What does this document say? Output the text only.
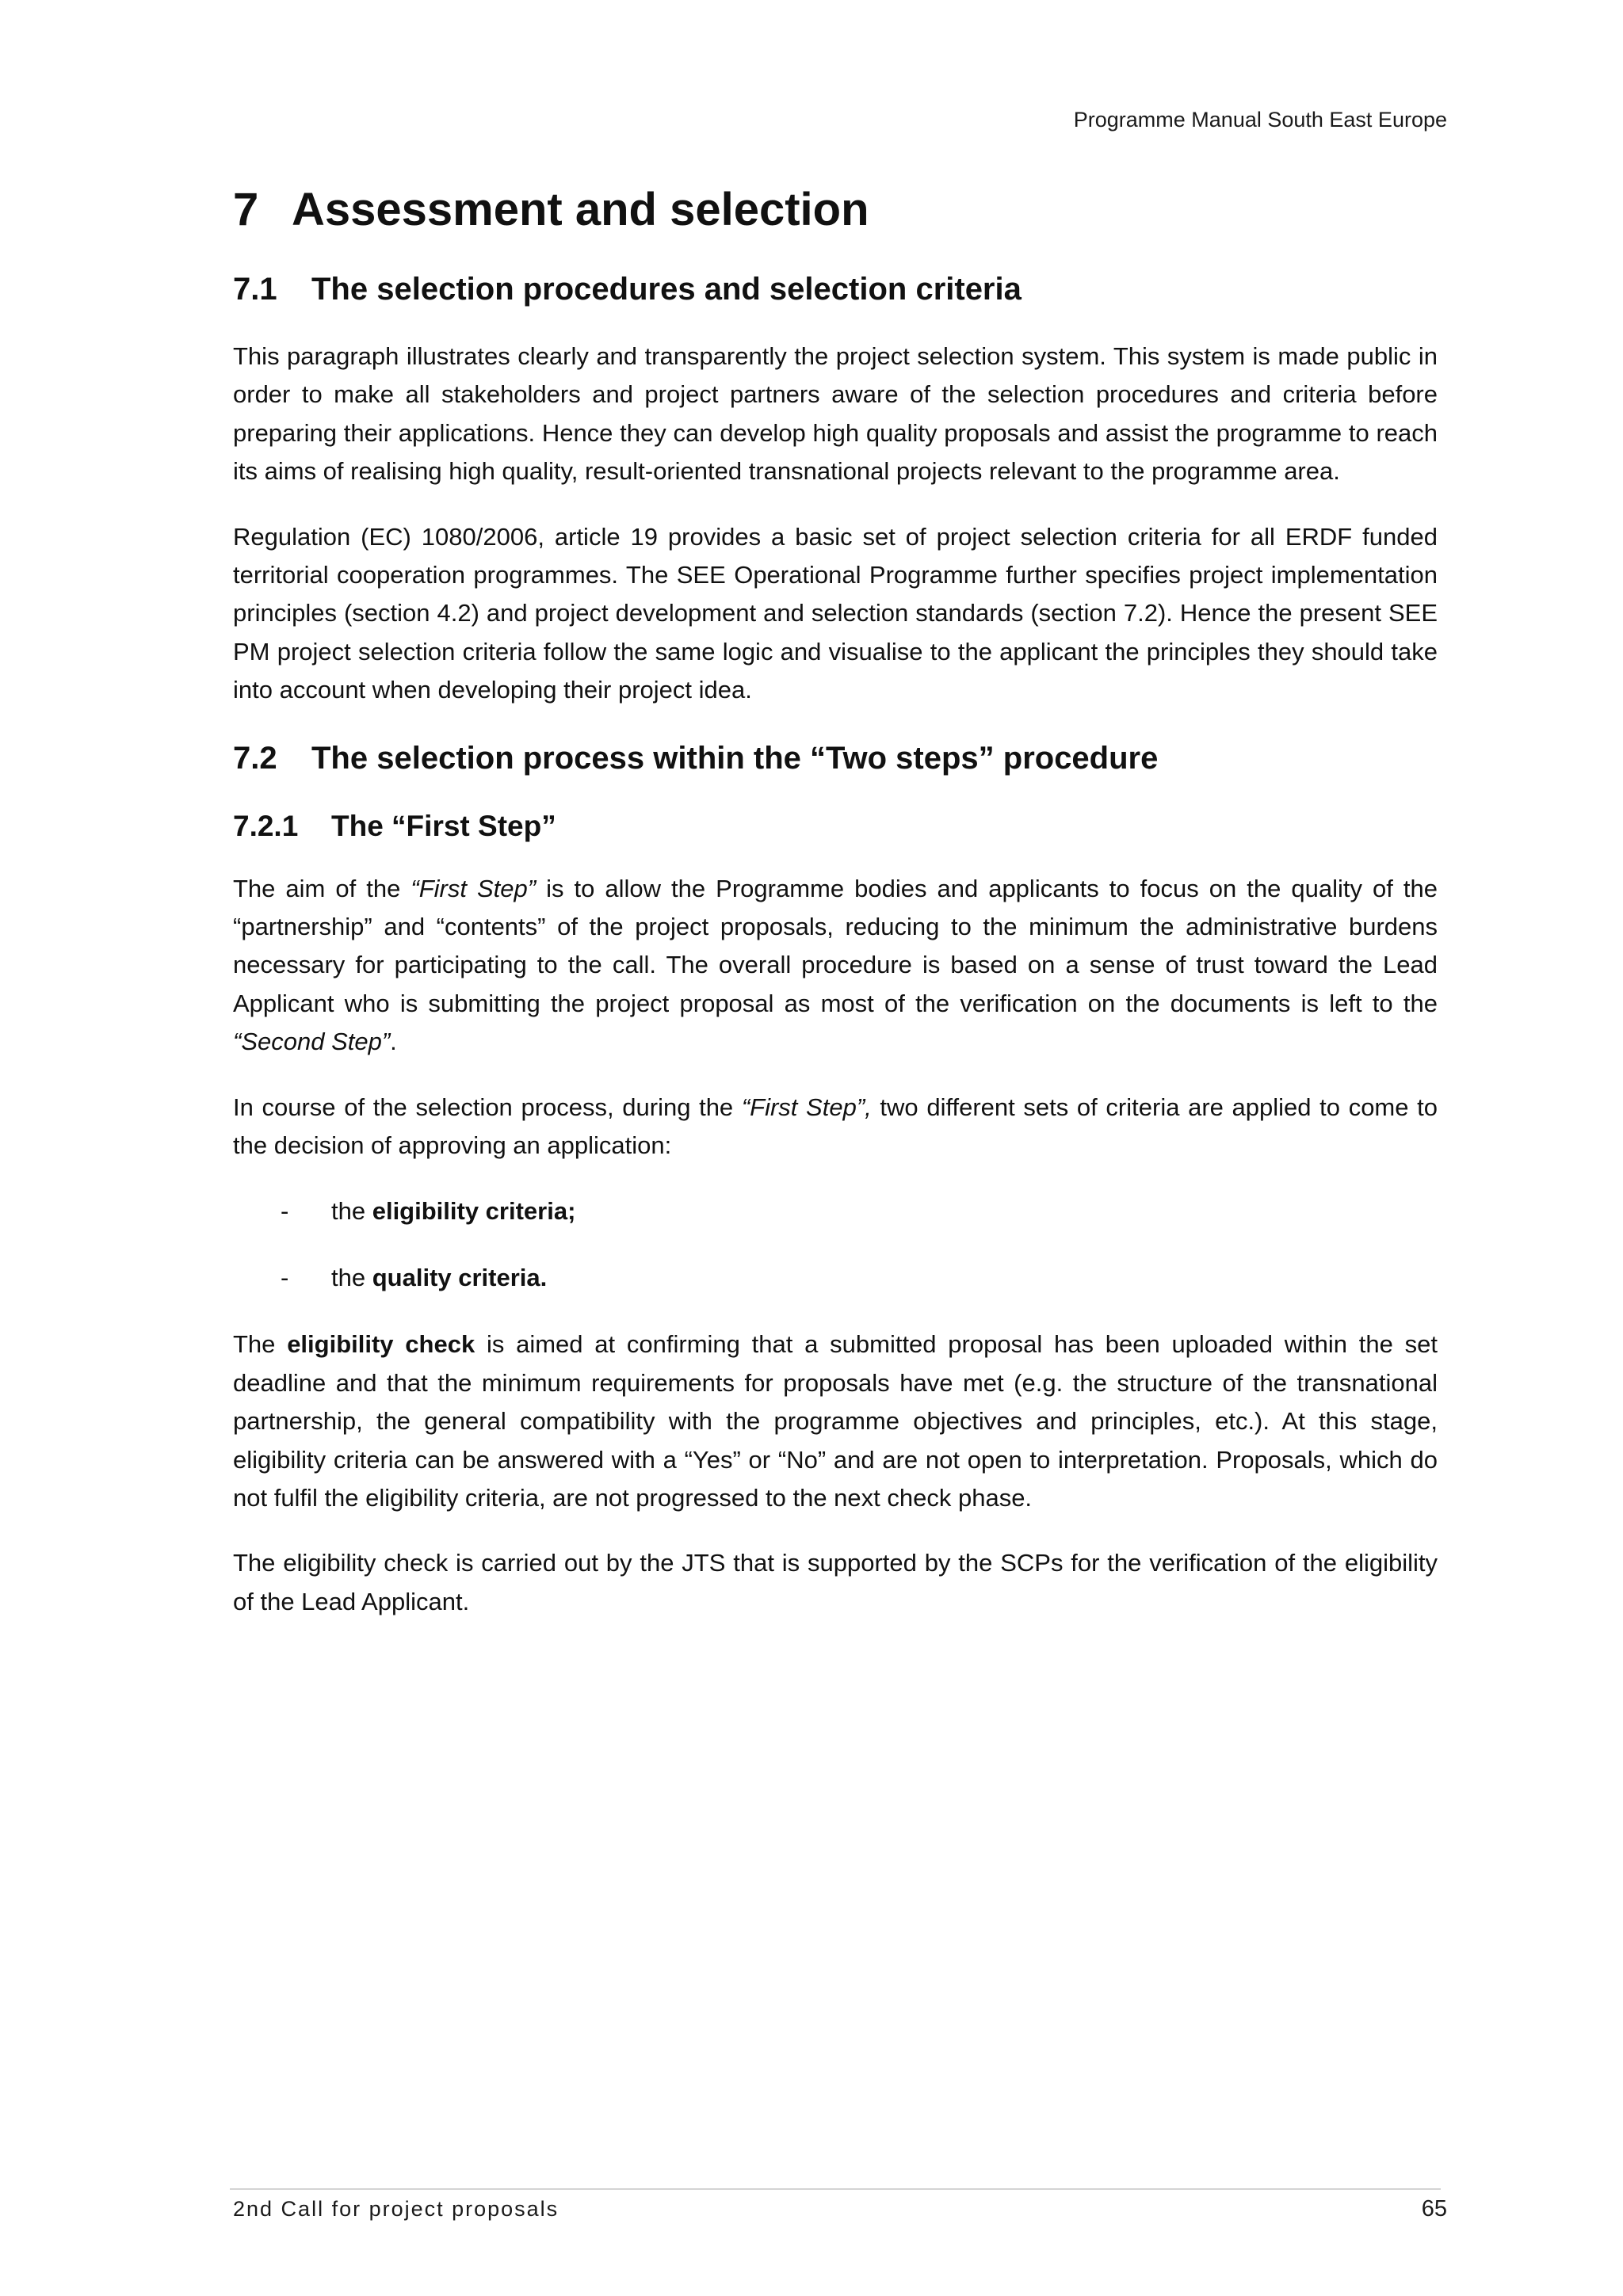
Programme Manual South East Europe
7 Assessment and selection
7.1 The selection procedures and selection criteria

This paragraph illustrates clearly and transparently the project selection system. This system is made public in order to make all stakeholders and project partners aware of the selection procedures and criteria before preparing their applications. Hence they can develop high quality proposals and assist the programme to reach its aims of realising high quality, result-oriented transnational projects relevant to the programme area.

Regulation (EC) 1080/2006, article 19 provides a basic set of project selection criteria for all ERDF funded territorial cooperation programmes. The SEE Operational Programme further specifies project implementation principles (section 4.2) and project development and selection standards (section 7.2). Hence the present SEE PM project selection criteria follow the same logic and visualise to the applicant the principles they should take into account when developing their project idea.

7.2 The selection process within the “Two steps” procedure
7.2.1 The “First Step”

The aim of the “First Step” is to allow the Programme bodies and applicants to focus on the quality of the “partnership” and “contents” of the project proposals, reducing to the minimum the administrative burdens necessary for participating to the call. The overall procedure is based on a sense of trust toward the Lead Applicant who is submitting the project proposal as most of the verification on the documents is left to the “Second Step”.

In course of the selection process, during the “First Step”, two different sets of criteria are applied to come to the decision of approving an application:

- the eligibility criteria;
- the quality criteria.

The eligibility check is aimed at confirming that a submitted proposal has been uploaded within the set deadline and that the minimum requirements for proposals have met (e.g. the structure of the transnational partnership, the general compatibility with the programme objectives and principles, etc.). At this stage, eligibility criteria can be answered with a “Yes” or “No” and are not open to interpretation. Proposals, which do not fulfil the eligibility criteria, are not progressed to the next check phase.

The eligibility check is carried out by the JTS that is supported by the SCPs for the verification of the eligibility of the Lead Applicant.

2nd Call for project proposals	65
